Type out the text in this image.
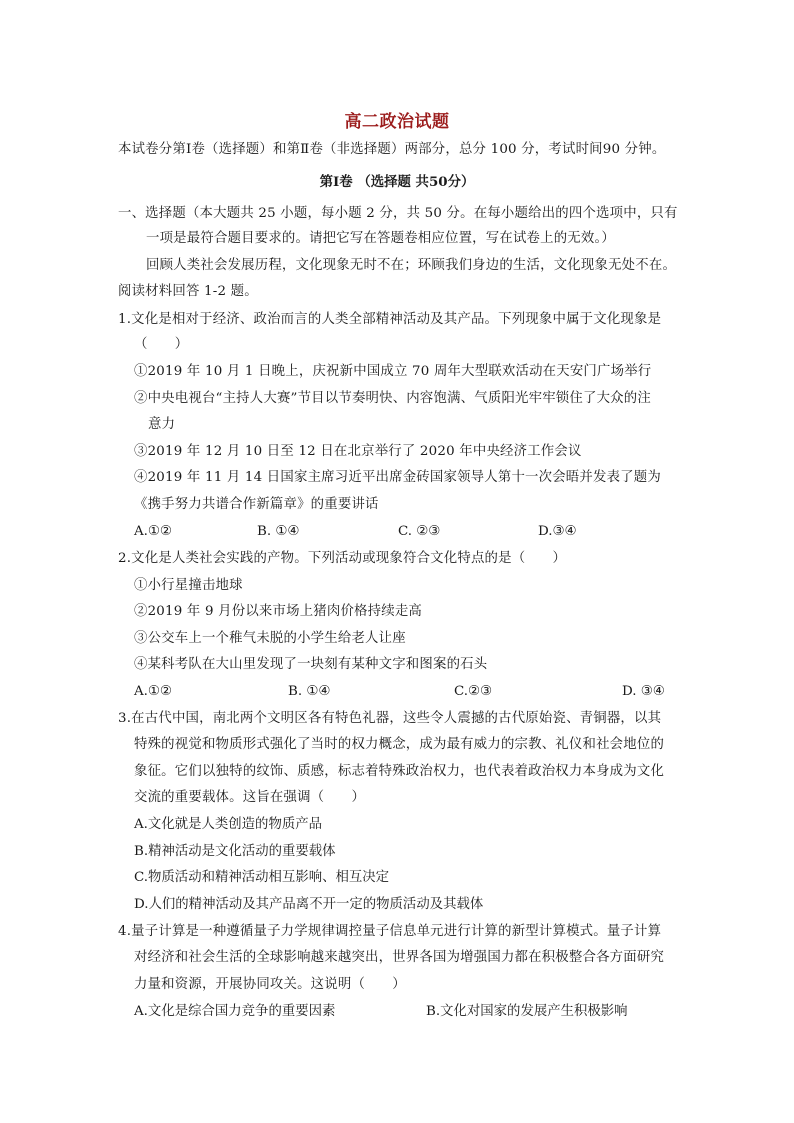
高二政治试题
本试卷分第Ⅰ卷（选择题）和第Ⅱ卷（非选择题）两部分，总分 100 分，考试时间90 分钟。
第Ⅰ卷 （选择题 共50分）
一、选择题（本大题共 25 小题，每小题 2 分，共 50 分。在每小题给出的四个选项中，只有
一项是最符合题目要求的。请把它写在答题卷相应位置，写在试卷上的无效。）
回顾人类社会发展历程，文化现象无时不在；环顾我们身边的生活，文化现象无处不在。
阅读材料回答 1-2 题。
1.文化是相对于经济、政治而言的人类全部精神活动及其产品。下列现象中属于文化现象是
（　　）
①2019 年 10 月 1 日晚上，庆祝新中国成立 70 周年大型联欢活动在天安门广场举行
②中央电视台“主持人大赛”节目以节奏明快、内容饱满、气质阳光牢牢锁住了大众的注
意力
③2019 年 12 月 10 日至 12 日在北京举行了 2020 年中央经济工作会议
④2019 年 11 月 14 日国家主席习近平出席金砖国家领导人第十一次会晤并发表了题为
《携手努力共谱合作新篇章》的重要讲话
A.①②	B. ①④	C. ②③	D.③④
2.文化是人类社会实践的产物。下列活动或现象符合文化特点的是（　　）
①小行星撞击地球
②2019 年 9 月份以来市场上猪肉价格持续走高
③公交车上一个稚气未脱的小学生给老人让座
④某科考队在大山里发现了一块刻有某种文字和图案的石头
A.①②	B. ①④	C.②③	D. ③④
3.在古代中国，南北两个文明区各有特色礼器，这些令人震撼的古代原始瓷、青铜器，以其
特殊的视觉和物质形式强化了当时的权力概念，成为最有威力的宗教、礼仪和社会地位的
象征。它们以独特的纹饰、质感，标志着特殊政治权力，也代表着政治权力本身成为文化
交流的重要载体。这旨在强调（　　）
A.文化就是人类创造的物质产品
B.精神活动是文化活动的重要载体
C.物质活动和精神活动相互影响、相互决定
D.人们的精神活动及其产品离不开一定的物质活动及其载体
4.量子计算是一种遵循量子力学规律调控量子信息单元进行计算的新型计算模式。量子计算
对经济和社会生活的全球影响越来越突出，世界各国为增强国力都在积极整合各方面研究
力量和资源，开展协同攻关。这说明（　　）
A.文化是综合国力竞争的重要因素	B.文化对国家的发展产生积极影响
